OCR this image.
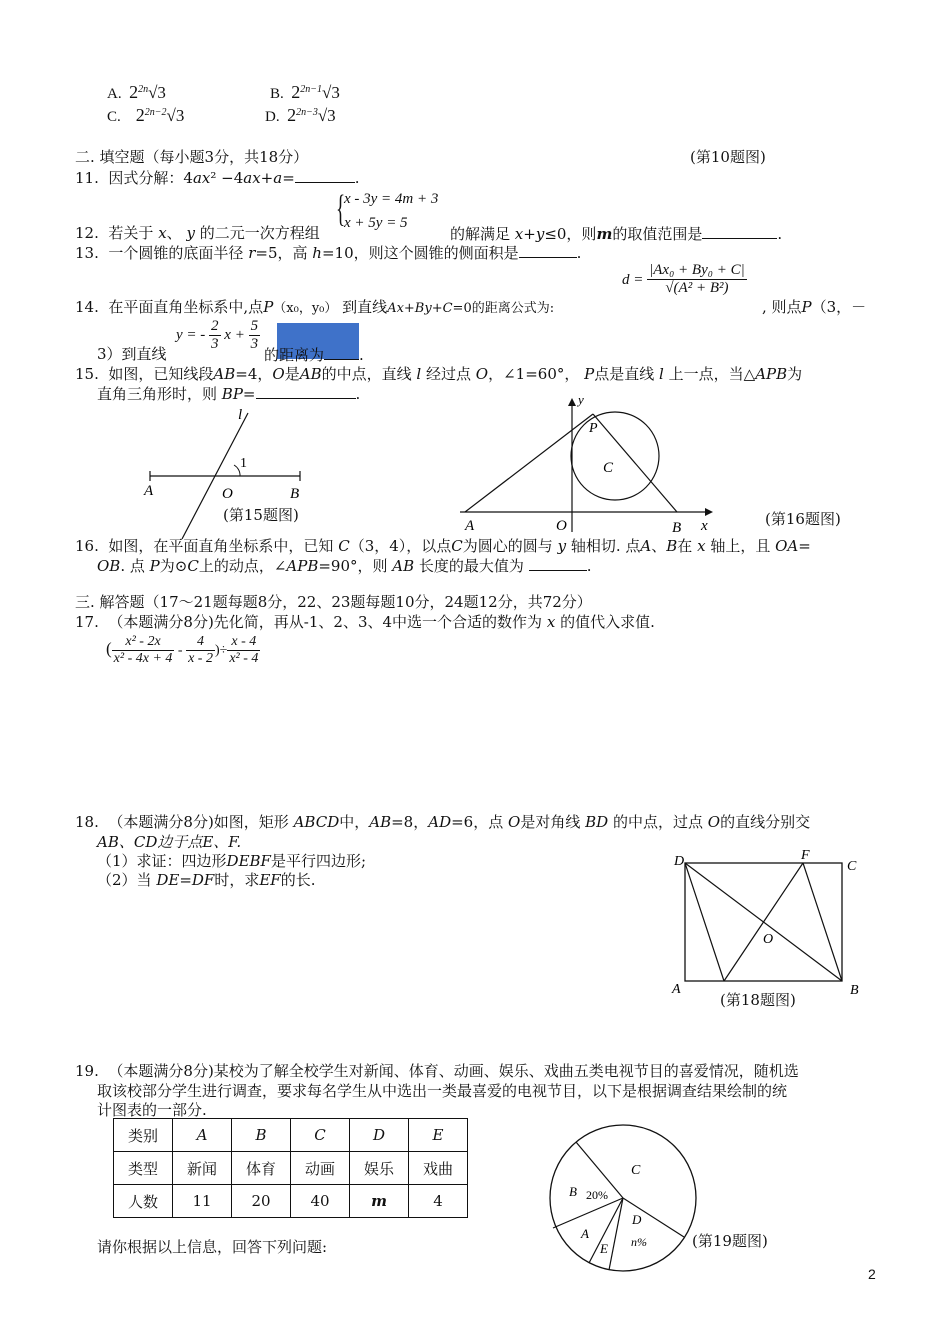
A. $2^{2n}√3$	B. $2^{2n-1}√3$
C. $2^{2n-2}√3$	D. $2^{2n-3}√3$
二. 填空题（每小题3分，共18分）	(第10题图)
11. 因式分解：4ax² −4ax+a=	.
{
x - 3y = 4m + 3
x + 5y = 5
12. 若关于 x、 y 的二元一次方程组	的解满足 x+y≤0，则m的取值范围是	.
13. 一个圆锥的底面半径 r=5，高 h=10，则这个圆锥的侧面积是	.
$d = \frac{\text{|Ax₀ + By₀ + C|}}{\text{√(A² + B²)}}$
14. 在平面直角坐标系中,点P（x₀，y₀） 到直线Ax+By+C=0的距离公式为:	, 则点P（3，－
y = - $\frac{2}{3}$ $x + \frac{5}{3}$
3）到直线	的距离为 .
15. 如图，已知线段AB=4，O是AB的中点，直线 l 经过点 O，∠1=60°， P点是直线 l 上一点，当△APB为
直角三角形时，则 BP=	.
l
1
A	O	B
(第15题图)
y
P
C
A	O	B x	(第16题图)
16. 如图，在平面直角坐标系中，已知 C（3，4），以点C为圆心的圆与 y 轴相切. 点A、B在 x 轴上，且 OA=
OB. 点 P为⊙C上的动点，∠APB=90°，则 AB 长度的最大值为	.
三. 解答题（17～21题每题8分，22、23题每题10分，24题12分，共72分）
17. （本题满分8分)先化简，再从-1、2、3、4中选一个合适的数作为 x 的值代入求值.
( $\frac{\text{x² - 2x}}{\text{x² - 4x + 4}} - \frac{4}{x - 2}$ )÷ $\frac{x - 4}{\text{x² - 4}}$
18. （本题满分8分)如图，矩形 ABCD中，AB=8，AD=6，点 O是对角线 BD 的中点，过点 O的直线分别交
AB、CD边于点E、F.
（1）求证：四边形DEBF是平行四边形;
（2）当 DE=DF时，求EF的长.
D	F
C
O
A	B
(第18题图)
19. （本题满分8分)某校为了解全校学生对新闻、体育、动画、娱乐、戏曲五类电视节目的喜爱情况，随机选
取该校部分学生进行调查，要求每名学生从中选出一类最喜爱的电视节目，以下是根据调查结果绘制的统
计图表的一部分.
类别	A	B	C	D	E
类型	新闻	体育	动画	娱乐	戏曲
人数	11	20	40	m	4
请你根据以上信息，回答下列问题:
C
B 20%
D
n%
A
E	(第19题图)
2
